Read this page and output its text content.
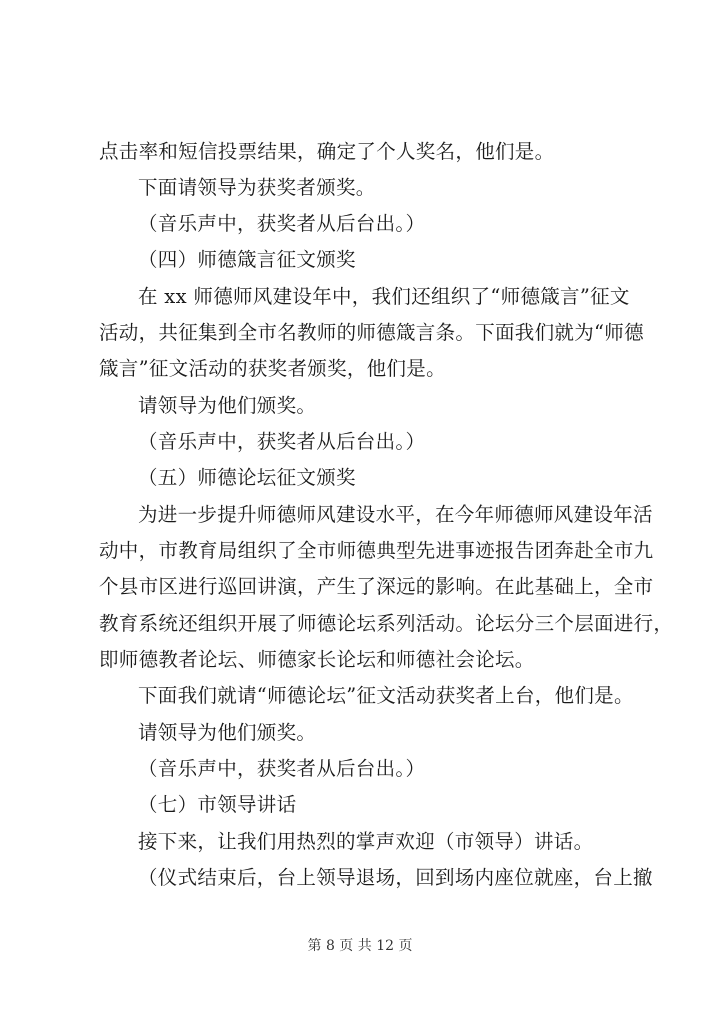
点击率和短信投票结果，确定了个人奖名，他们是。

下面请领导为获奖者颁奖。

（音乐声中，获奖者从后台出。）

（四）师德箴言征文颁奖

在 xx 师德师风建设年中，我们还组织了“师德箴言”征文

活动，共征集到全市名教师的师德箴言条。下面我们就为“师德

箴言”征文活动的获奖者颁奖，他们是。

请领导为他们颁奖。

（音乐声中，获奖者从后台出。）

（五）师德论坛征文颁奖

为进一步提升师德师风建设水平，在今年师德师风建设年活

动中，市教育局组织了全市师德典型先进事迹报告团奔赴全市九

个县市区进行巡回讲演，产生了深远的影响。在此基础上，全市

教育系统还组织开展了师德论坛系列活动。论坛分三个层面进行，

即师德教者论坛、师德家长论坛和师德社会论坛。

下面我们就请“师德论坛”征文活动获奖者上台，他们是。

请领导为他们颁奖。

（音乐声中，获奖者从后台出。）

（七）市领导讲话

接下来，让我们用热烈的掌声欢迎（市领导）讲话。

（仪式结束后，台上领导退场，回到场内座位就座，台上撤

第 8 页 共 12 页
